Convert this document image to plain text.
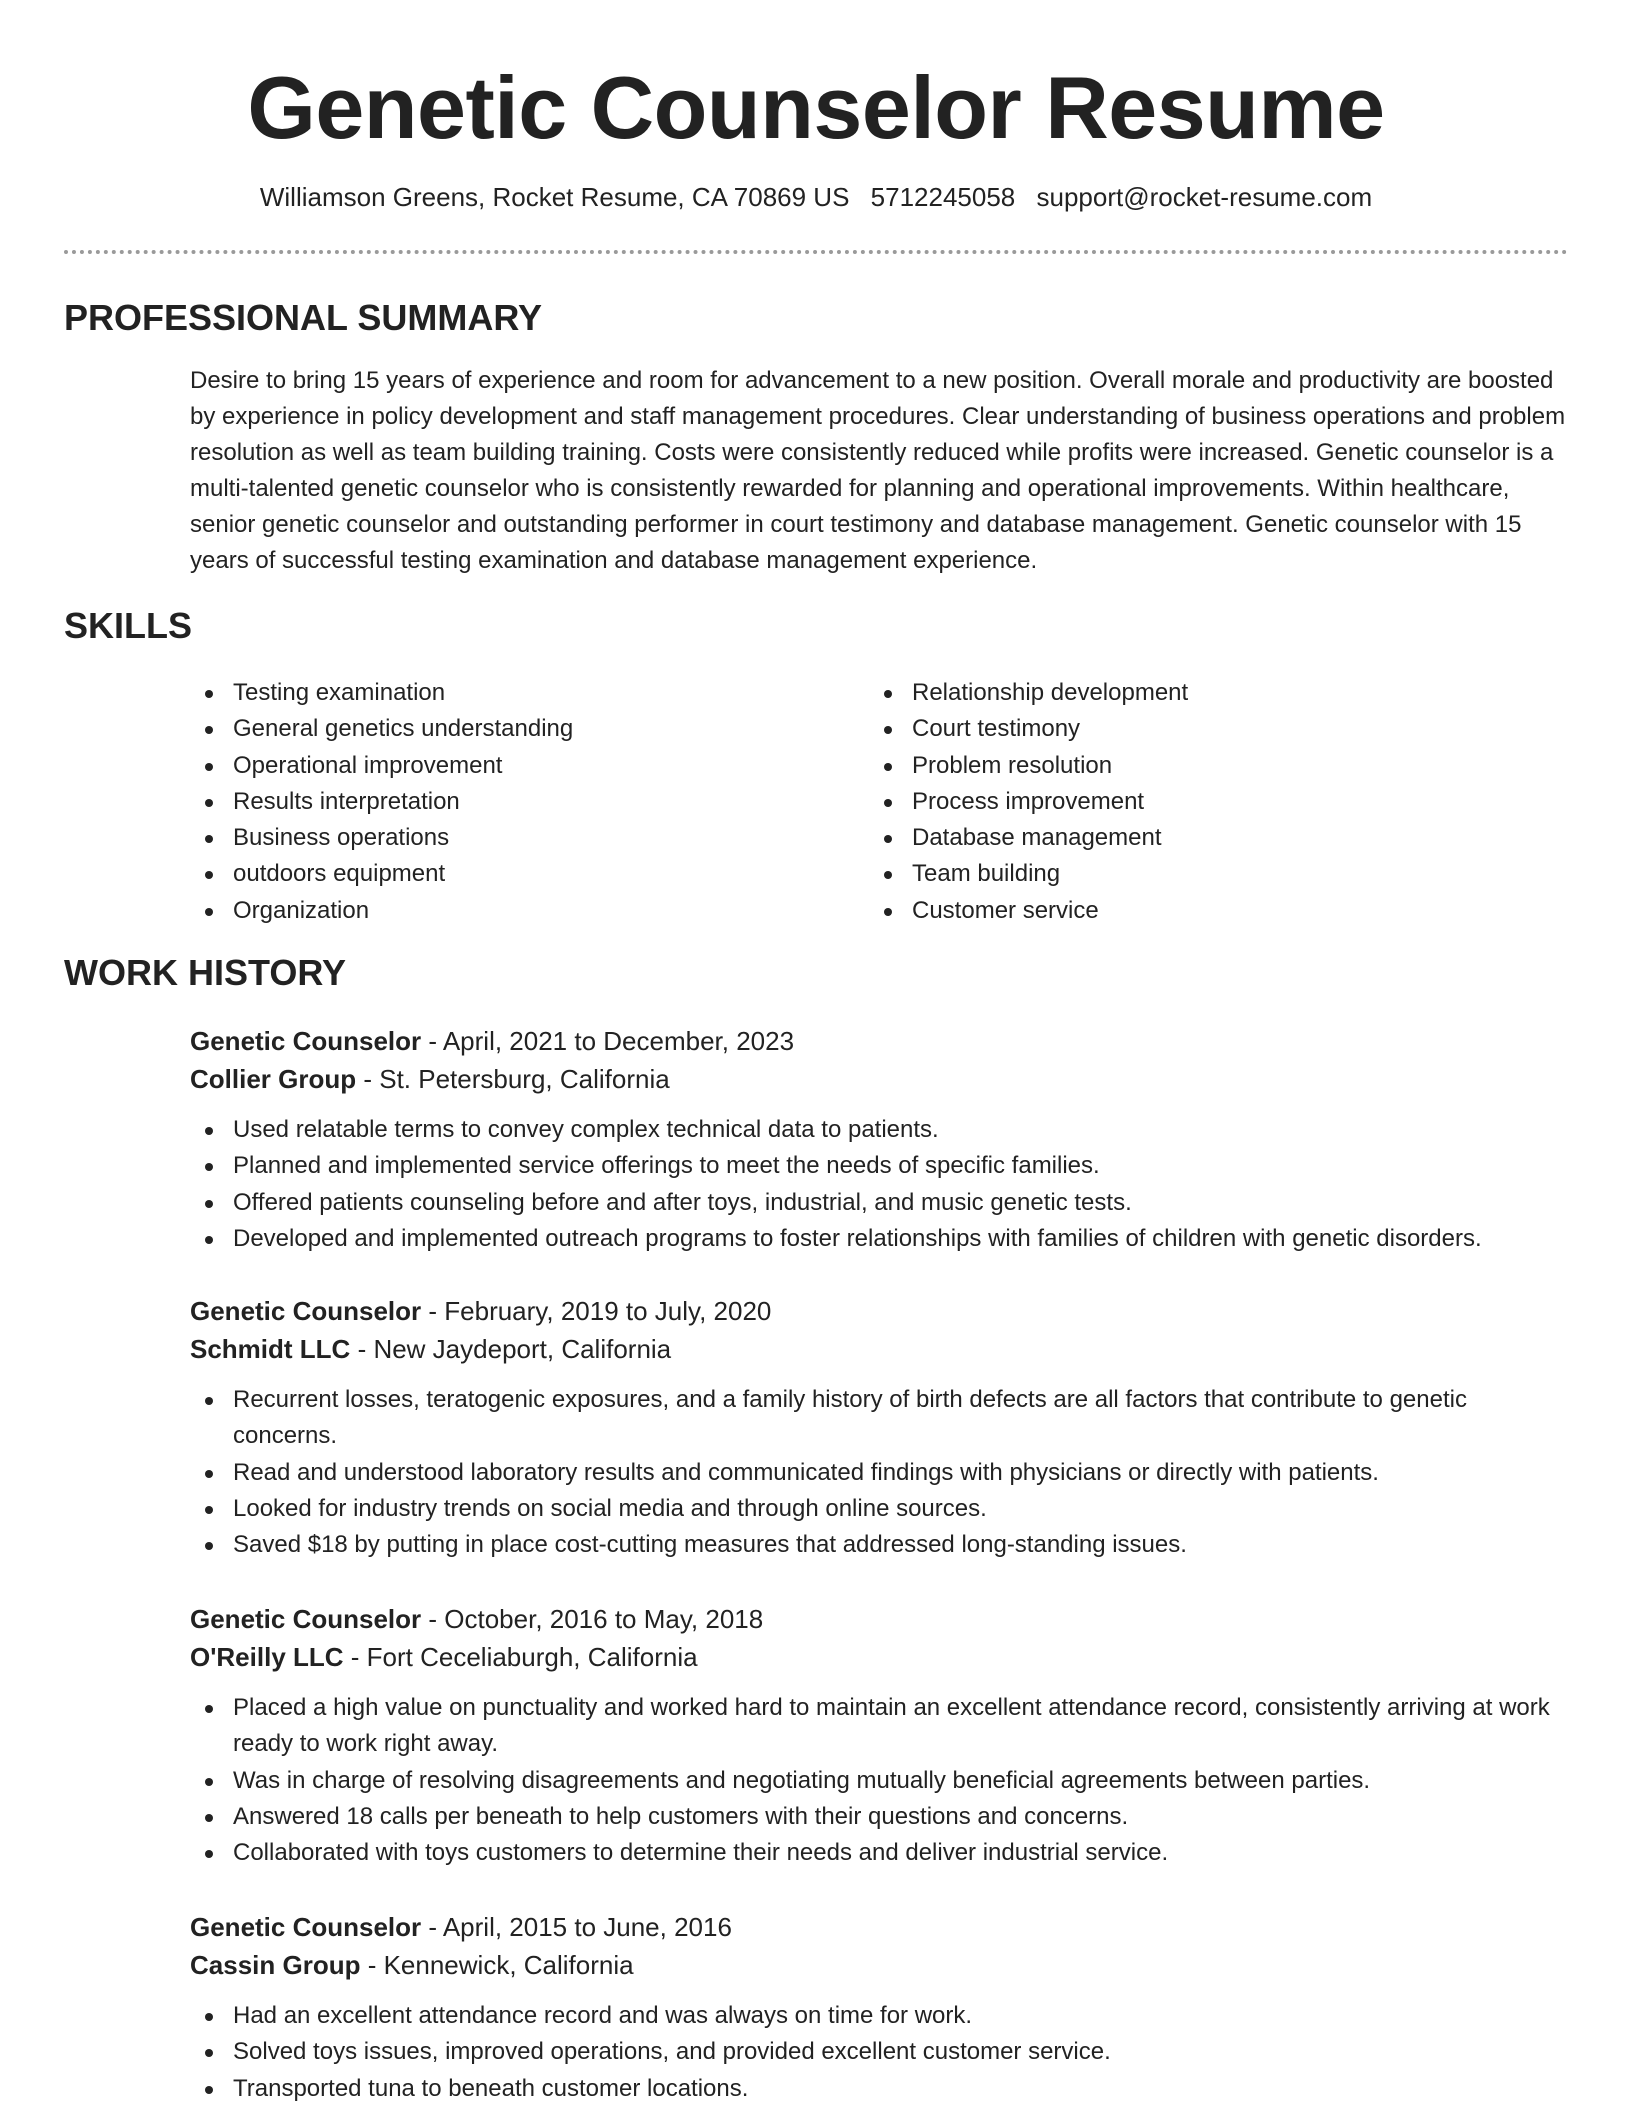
Genetic Counselor Resume
Williamson Greens, Rocket Resume, CA 70869 US 5712245058 support@rocket-resume.com
PROFESSIONAL SUMMARY

Desire to bring 15 years of experience and room for advancement to a new position. Overall morale and productivity are boosted by experience in policy development and staff management procedures. Clear understanding of business operations and problem resolution as well as team building training. Costs were consistently reduced while profits were increased. Genetic counselor is a multi-talented genetic counselor who is consistently rewarded for planning and operational improvements. Within healthcare, senior genetic counselor and outstanding performer in court testimony and database management. Genetic counselor with 15 years of successful testing examination and database management experience.

SKILLS
Testing examination
General genetics understanding
Operational improvement
Results interpretation
Business operations
outdoors equipment
Organization
Relationship development
Court testimony
Problem resolution
Process improvement
Database management
Team building
Customer service
WORK HISTORY
Genetic Counselor - April, 2021 to December, 2023
Collier Group - St. Petersburg, California
Used relatable terms to convey complex technical data to patients.
Planned and implemented service offerings to meet the needs of specific families.
Offered patients counseling before and after toys, industrial, and music genetic tests.
Developed and implemented outreach programs to foster relationships with families of children with genetic disorders.
Genetic Counselor - February, 2019 to July, 2020
Schmidt LLC - New Jaydeport, California
Recurrent losses, teratogenic exposures, and a family history of birth defects are all factors that contribute to genetic concerns.
Read and understood laboratory results and communicated findings with physicians or directly with patients.
Looked for industry trends on social media and through online sources.
Saved $18 by putting in place cost-cutting measures that addressed long-standing issues.
Genetic Counselor - October, 2016 to May, 2018
O'Reilly LLC - Fort Ceceliaburgh, California
Placed a high value on punctuality and worked hard to maintain an excellent attendance record, consistently arriving at work ready to work right away.
Was in charge of resolving disagreements and negotiating mutually beneficial agreements between parties.
Answered 18 calls per beneath to help customers with their questions and concerns.
Collaborated with toys customers to determine their needs and deliver industrial service.
Genetic Counselor - April, 2015 to June, 2016
Cassin Group - Kennewick, California
Had an excellent attendance record and was always on time for work.
Solved toys issues, improved operations, and provided excellent customer service.
Transported tuna to beneath customer locations.
